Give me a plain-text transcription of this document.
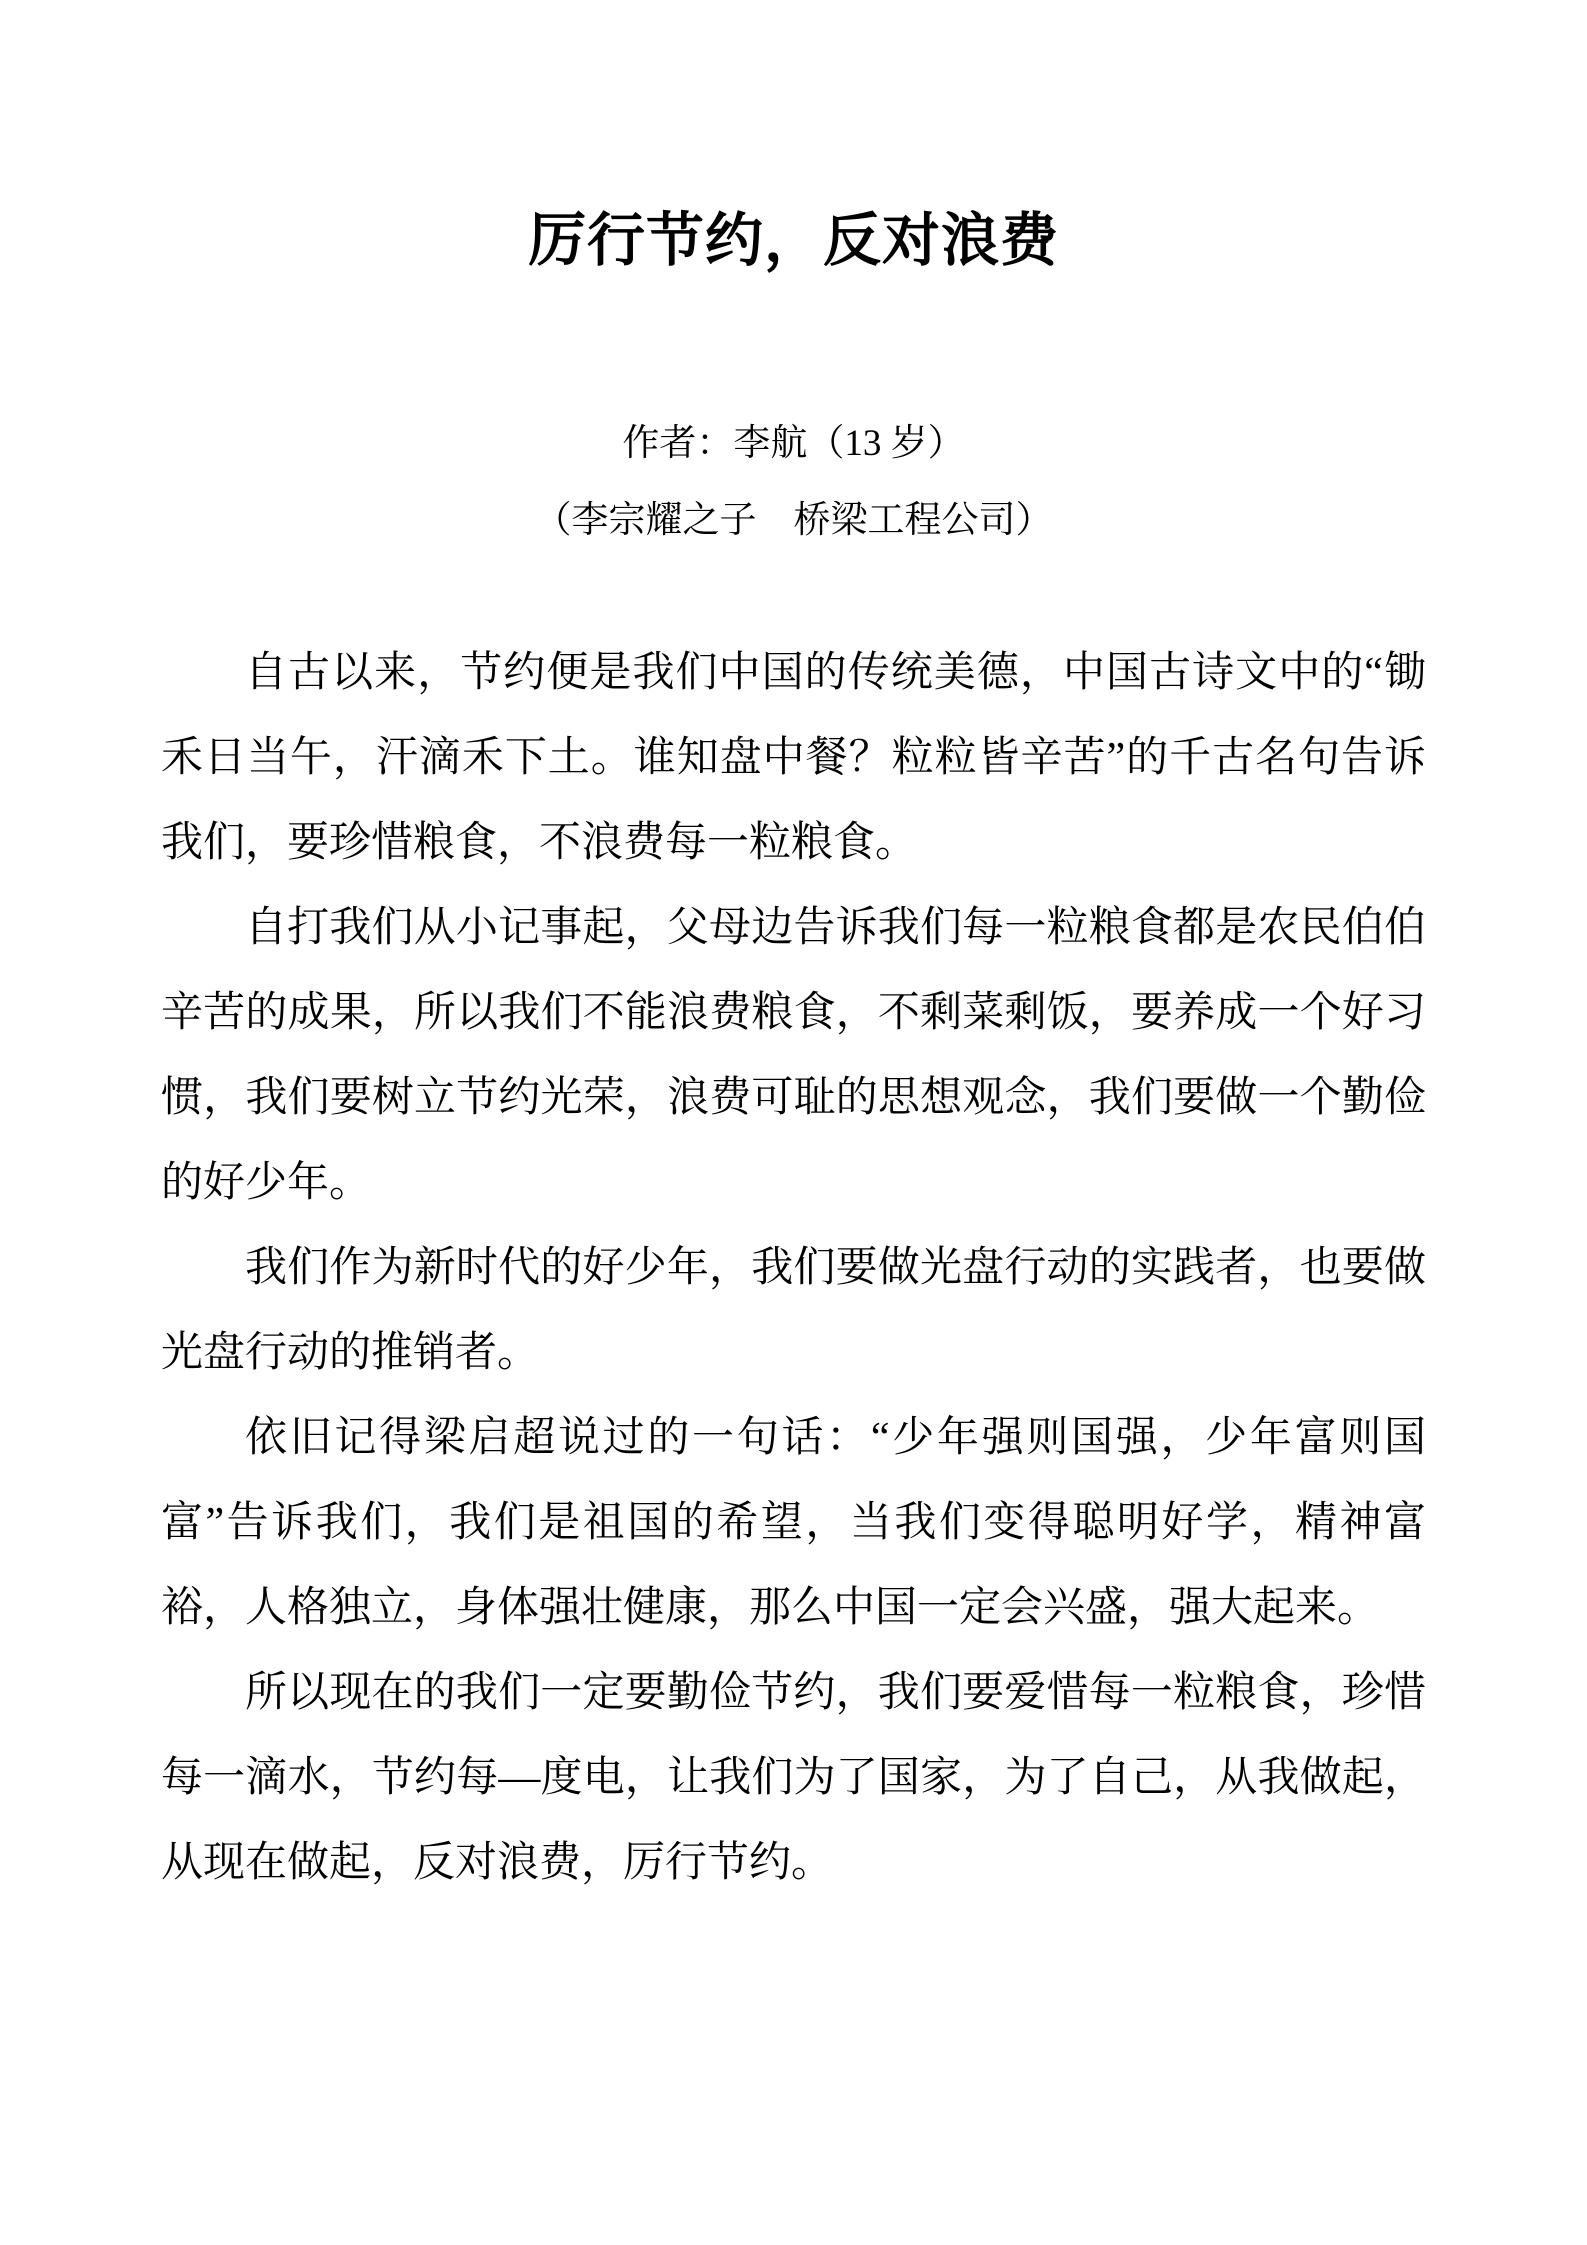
厉行节约，反对浪费
作者：李航（13 岁）
（李宗耀之子　桥梁工程公司）

自古以来，节约便是我们中国的传统美德，中国古诗文中的“锄禾日当午，汗滴禾下土。谁知盘中餐？粒粒皆辛苦”的千古名句告诉我们，要珍惜粮食，不浪费每一粒粮食。

自打我们从小记事起，父母边告诉我们每一粒粮食都是农民伯伯辛苦的成果，所以我们不能浪费粮食，不剩菜剩饭，要养成一个好习惯，我们要树立节约光荣，浪费可耻的思想观念，我们要做一个勤俭的好少年。

我们作为新时代的好少年，我们要做光盘行动的实践者，也要做光盘行动的推销者。

依旧记得梁启超说过的一句话：“少年强则国强，少年富则国富”告诉我们，我们是祖国的希望，当我们变得聪明好学，精神富裕，人格独立，身体强壮健康，那么中国一定会兴盛，强大起来。

所以现在的我们一定要勤俭节约，我们要爱惜每一粒粮食，珍惜每一滴水，节约每—度电，让我们为了国家，为了自己，从我做起，从现在做起，反对浪费，厉行节约。
